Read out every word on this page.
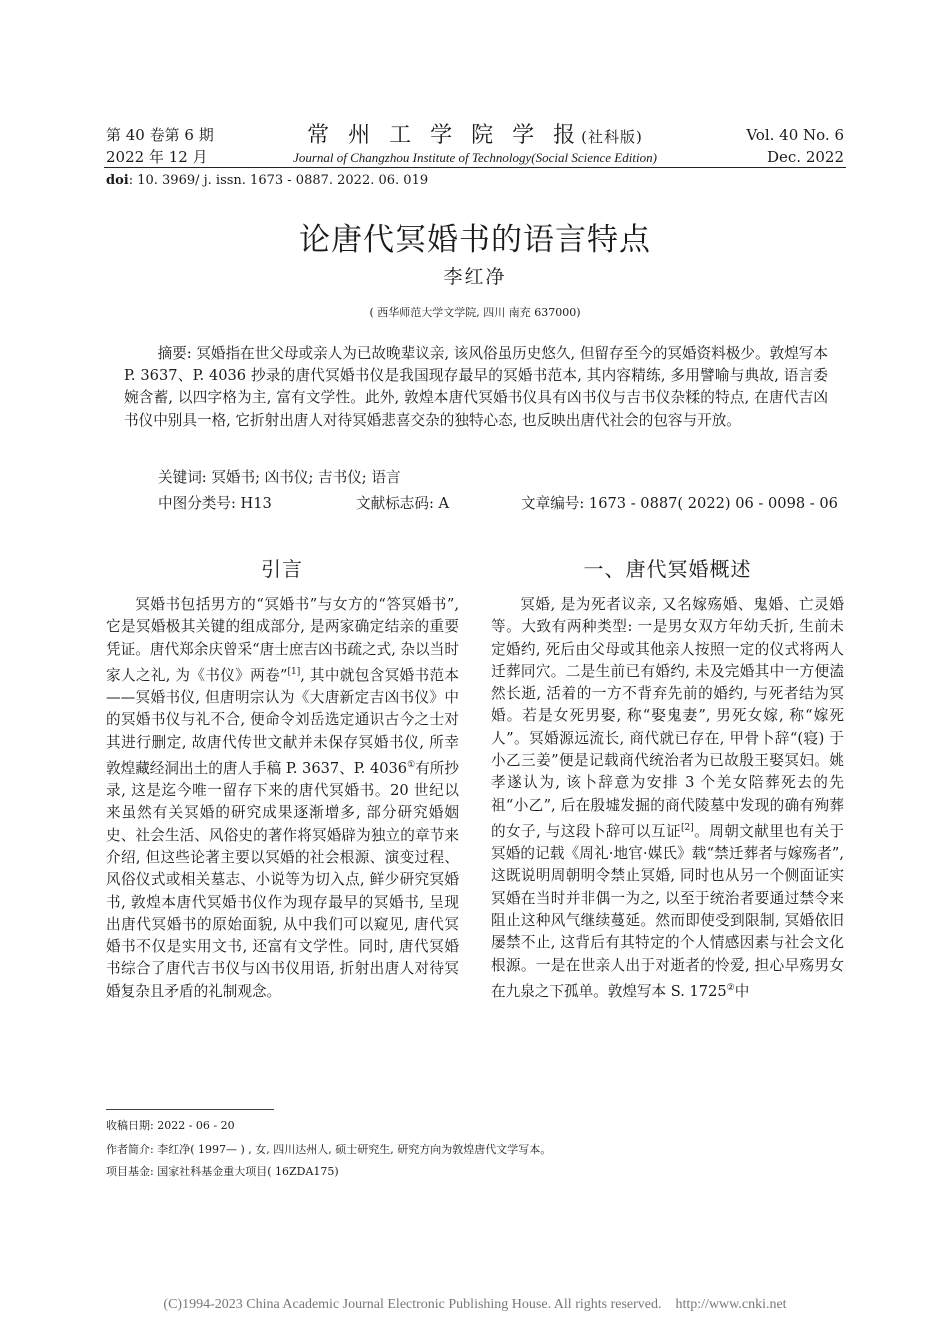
第 40 卷第 6 期
2022 年 12 月
常 州 工 学 院 学 报(社科版)
Journal of Changzhou Institute of Technology(Social Science Edition)
Vol. 40 No. 6
Dec. 2022
doi: 10. 3969/ j. issn. 1673 - 0887. 2022. 06. 019
论唐代冥婚书的语言特点
李红净
( 西华师范大学文学院, 四川 南充 637000)
摘要: 冥婚指在世父母或亲人为已故晚辈议亲, 该风俗虽历史悠久, 但留存至今的冥婚资料极少。敦煌写本 P. 3637、P. 4036 抄录的唐代冥婚书仪是我国现存最早的冥婚书范本, 其内容精练, 多用譬喻与典故, 语言委婉含蓄, 以四字格为主, 富有文学性。此外, 敦煌本唐代冥婚书仪具有凶书仪与吉书仪杂糅的特点, 在唐代吉凶书仪中别具一格, 它折射出唐人对待冥婚悲喜交杂的独特心态, 也反映出唐代社会的包容与开放。
关键词: 冥婚书; 凶书仪; 吉书仪; 语言
中图分类号: H13	文献标志码: A	文章编号: 1673 - 0887( 2022) 06 - 0098 - 06
引言

冥婚书包括男方的“冥婚书”与女方的“答冥婚书”, 它是冥婚极其关键的组成部分, 是两家确定结亲的重要凭证。唐代郑余庆曾采“唐士庶吉凶书疏之式, 杂以当时家人之礼, 为《书仪》两卷”[1], 其中就包含冥婚书范本——冥婚书仪, 但唐明宗认为《大唐新定吉凶书仪》中的冥婚书仪与礼不合, 便命令刘岳选定通识古今之士对其进行删定, 故唐代传世文献并未保存冥婚书仪, 所幸敦煌藏经洞出土的唐人手稿 P. 3637、P. 4036①有所抄录, 这是迄今唯一留存下来的唐代冥婚书。20 世纪以来虽然有关冥婚的研究成果逐渐增多, 部分研究婚姻史、社会生活、风俗史的著作将冥婚辟为独立的章节来介绍, 但这些论著主要以冥婚的社会根源、演变过程、风俗仪式或相关墓志、小说等为切入点, 鲜少研究冥婚书, 敦煌本唐代冥婚书仪作为现存最早的冥婚书, 呈现出唐代冥婚书的原始面貌, 从中我们可以窥见, 唐代冥婚书不仅是实用文书, 还富有文学性。同时, 唐代冥婚书综合了唐代吉书仪与凶书仪用语, 折射出唐人对待冥婚复杂且矛盾的礼制观念。

一、唐代冥婚概述

冥婚, 是为死者议亲, 又名嫁殇婚、鬼婚、亡灵婚等。大致有两种类型: 一是男女双方年幼夭折, 生前未定婚约, 死后由父母或其他亲人按照一定的仪式将两人迁葬同穴。二是生前已有婚约, 未及完婚其中一方便溘然长逝, 活着的一方不背弃先前的婚约, 与死者结为冥婚。若是女死男娶, 称“娶鬼妻”, 男死女嫁, 称“嫁死人”。冥婚源远流长, 商代就已存在, 甲骨卜辞“(寝) 于小乙三姜”便是记载商代统治者为已故殷王娶冥妇。姚孝遂认为, 该卜辞意为安排 3 个羌女陪葬死去的先祖“小乙”, 后在殷墟发掘的商代陵墓中发现的确有殉葬的女子, 与这段卜辞可以互证[2]。周朝文献里也有关于冥婚的记载《周礼·地官·媒氏》载“禁迁葬者与嫁殇者”, 这既说明周朝明令禁止冥婚, 同时也从另一个侧面证实冥婚在当时并非偶一为之, 以至于统治者要通过禁令来阻止这种风气继续蔓延。然而即使受到限制, 冥婚依旧屡禁不止, 这背后有其特定的个人情感因素与社会文化根源。一是在世亲人出于对逝者的怜爱, 担心早殇男女在九泉之下孤单。敦煌写本 S. 1725②中

收稿日期: 2022 - 06 - 20
作者简介: 李红净( 1997— ) , 女, 四川达州人, 硕士研究生, 研究方向为敦煌唐代文学写本。
项目基金: 国家社科基金重大项目( 16ZDA175)
(C)1994-2023 China Academic Journal Electronic Publishing House. All rights reserved.    http://www.cnki.net
